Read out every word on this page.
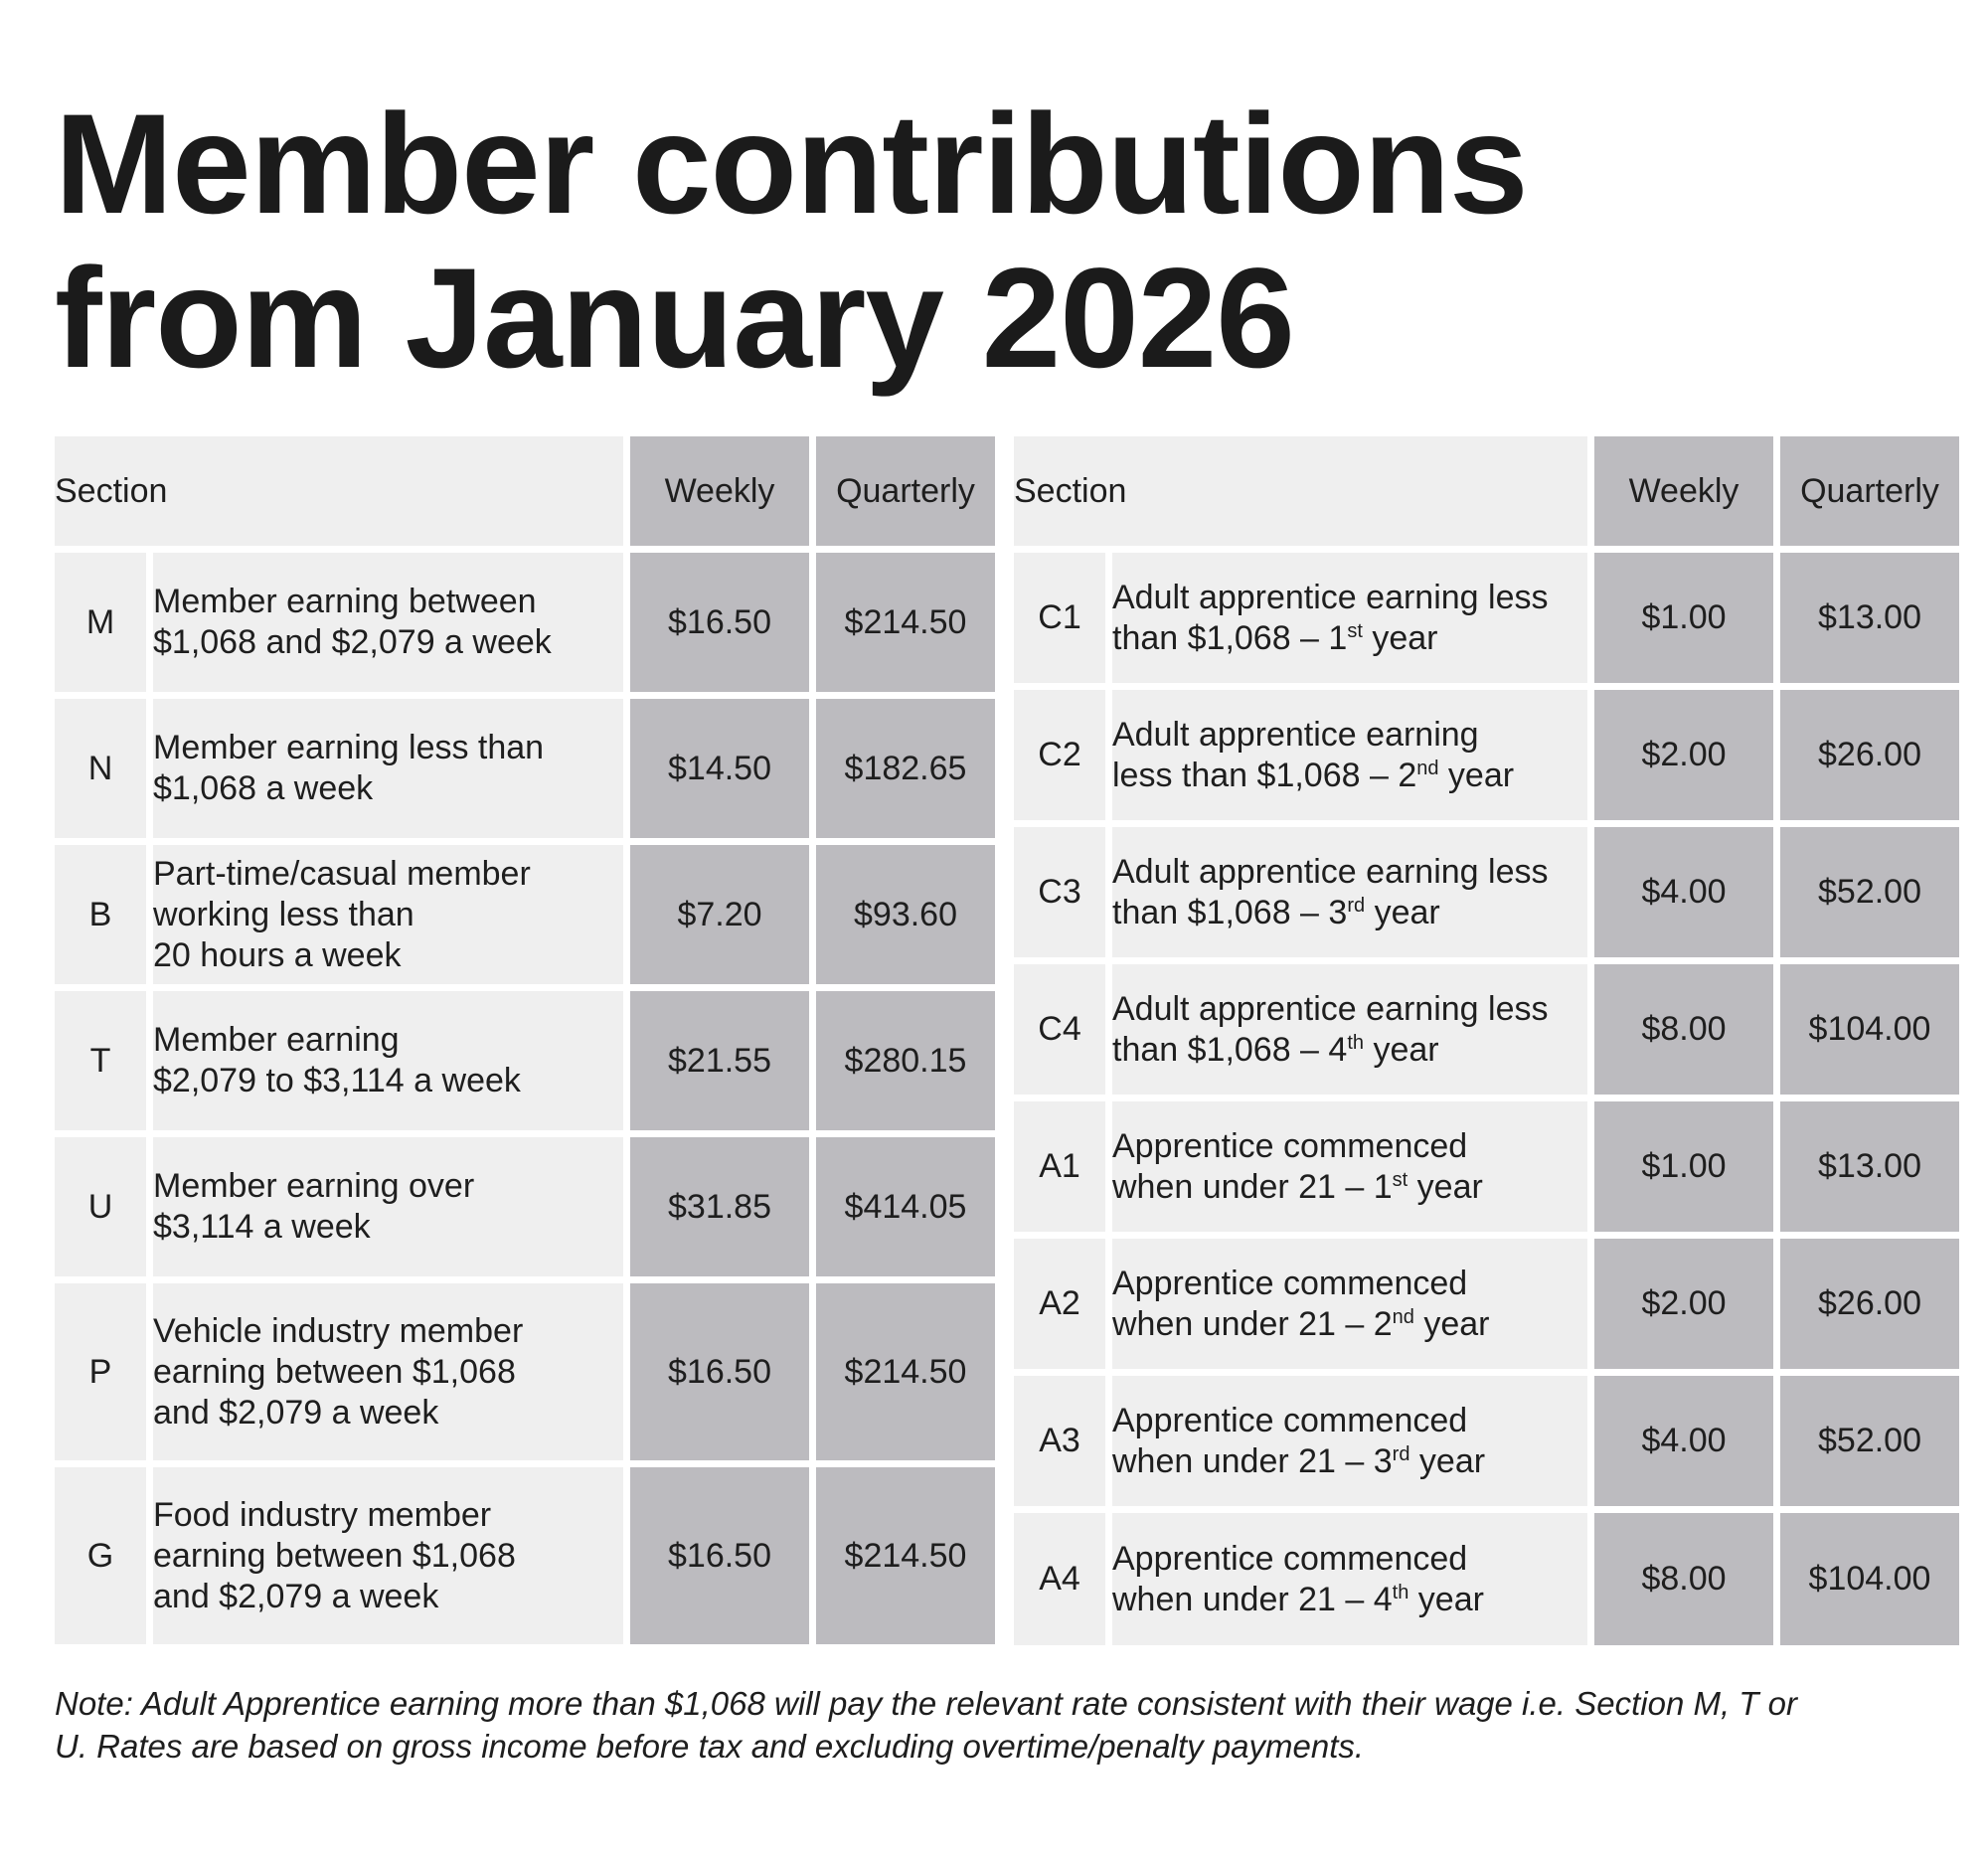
Member contributions
from January 2026
Section		Weekly	Quarterly
M	Member earning between
$1,068 and $2,079 a week	$16.50	$214.50
N	Member earning less than
$1,068 a week	$14.50	$182.65
B	Part-time/casual member
working less than
20 hours a week	$7.20	$93.60
T	Member earning
$2,079 to $3,114 a week	$21.55	$280.15
U	Member earning over
$3,114 a week	$31.85	$414.05
P	Vehicle industry member
earning between $1,068
and $2,079 a week	$16.50	$214.50
G	Food industry member
earning between $1,068
and $2,079 a week	$16.50	$214.50
Section		Weekly	Quarterly
C1	Adult apprentice earning less
than $1,068 – 1st year	$1.00	$13.00
C2	Adult apprentice earning
less than $1,068 – 2nd year	$2.00	$26.00
C3	Adult apprentice earning less
than $1,068 – 3rd year	$4.00	$52.00
C4	Adult apprentice earning less
than $1,068 – 4th year	$8.00	$104.00
A1	Apprentice commenced
when under 21 – 1st year	$1.00	$13.00
A2	Apprentice commenced
when under 21 – 2nd year	$2.00	$26.00
A3	Apprentice commenced
when under 21 – 3rd year	$4.00	$52.00
A4	Apprentice commenced
when under 21 – 4th year	$8.00	$104.00

Note: Adult Apprentice earning more than $1,068 will pay the relevant rate consistent with their wage i.e. Section M, T or
U. Rates are based on gross income before tax and excluding overtime/penalty payments.
